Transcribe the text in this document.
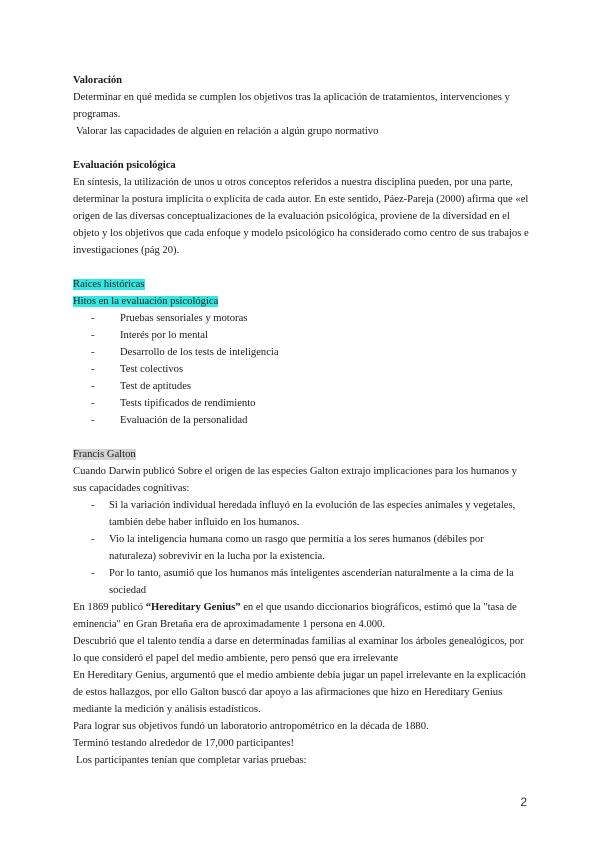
Valoración

Determinar en qué medida se cumplen los objetivos tras la aplicación de tratamientos, intervenciones y programas.

Valorar las capacidades de alguien en relación a algún grupo normativo

Evaluación psicológica

En síntesis, la utilización de unos u otros conceptos referidos a nuestra disciplina pueden, por una parte, determinar la postura implícita o explícita de cada autor. En este sentido, Páez-Pareja (2000) afirma que «el origen de las diversas conceptualizaciones de la evaluación psicológica, proviene de la diversidad en el objeto y los objetivos que cada enfoque y modelo psicológico ha considerado como centro de sus trabajos e investigaciones (pág 20).

Raíces históricas

Hitos en la evaluación psicológica

- Pruebas sensoriales y motoras
- Interés por lo mental
- Desarrollo de los tests de inteligencia
- Test colectivos
- Test de aptitudes
- Tests tipificados de rendimiento
- Evaluación de la personalidad

Francis Galton

Cuando Darwin publicó Sobre el origen de las especies Galton extrajo implicaciones para los humanos y sus capacidades cognitivas:

- Si la variación individual heredada influyó en la evolución de las especies animales y vegetales, también debe haber influido en los humanos.
- Vio la inteligencia humana como un rasgo que permitía a los seres humanos (débiles por naturaleza) sobrevivir en la lucha por la existencia.
- Por lo tanto, asumió que los humanos más inteligentes ascenderían naturalmente a la cima de la sociedad

En 1869 publicó “Hereditary Genius” en el que usando diccionarios biográficos, estimó que la "tasa de eminencia" en Gran Bretaña era de aproximadamente 1 persona en 4.000.

Descubrió que el talento tendía a darse en determinadas familias al examinar los árboles genealógicos, por lo que consideró el papel del medio ambiente, pero pensó que era irrelevante

En Hereditary Genius, argumentó que el medio ambiente debía jugar un papel irrelevante en la explicación de estos hallazgos, por ello Galton buscó dar apoyo a las afirmaciones que hizo en Hereditary Genius mediante la medición y análisis estadísticos.

Para lograr sus objetivos fundó un laboratorio antropométrico en la década de 1880.

Terminó testando alrededor de 17,000 participantes!

Los participantes tenían que completar varias pruebas:

2
